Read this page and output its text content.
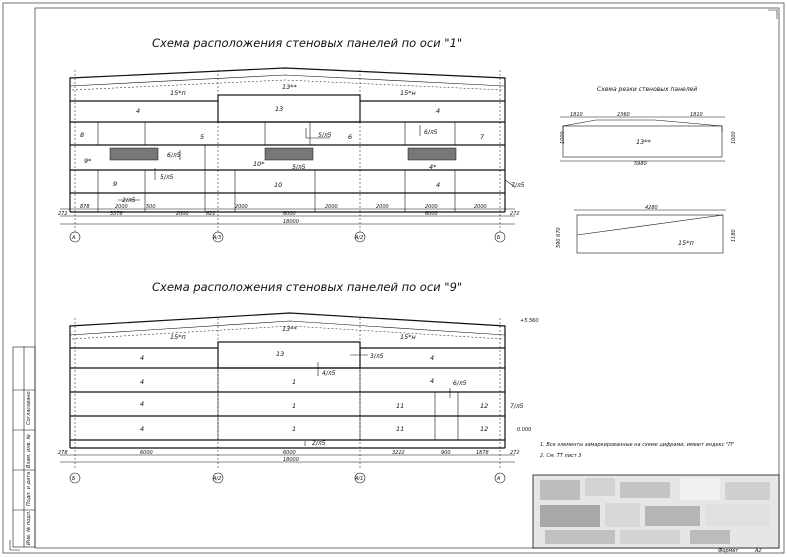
Согласовано
Взам. инв. №
Подп. и дата
Инв. № подл.
Схема расположения стеновых панелей по оси "1"
15*п
13**
15*н
4	13	4
8	5	6	7
9*	10*	4*
9	10	4
5/л5	6/л5
6/л5
5/л5
5/л5
7/л5
2/л5
878	2000	500	2000	2000	2000	2000	2000
272	3378	2000	622	6000	6000	272
18000
А	А/3	А/2	Б
Схема резки стеновых панелей
1810	2360	1810
13**
5980
1000	1000
4280
15*п
590 670	1180
Схема расположения стеновых панелей по оси "9"
15*п
13**
15*н
4	13	4
4	1	4
4	1	11	12
4	1	11	12
3/л5
4/л5
6/л5
7/л5
2/л5
+5.560
0.000
278	6000	6000	3222	900	1878	272
18000
Б	А/2	А/1	А
1. Все элементы замаркированные на схеме цифрами, имеют индекс "П"
2. См. ТТ лист 3
Формат	А2
